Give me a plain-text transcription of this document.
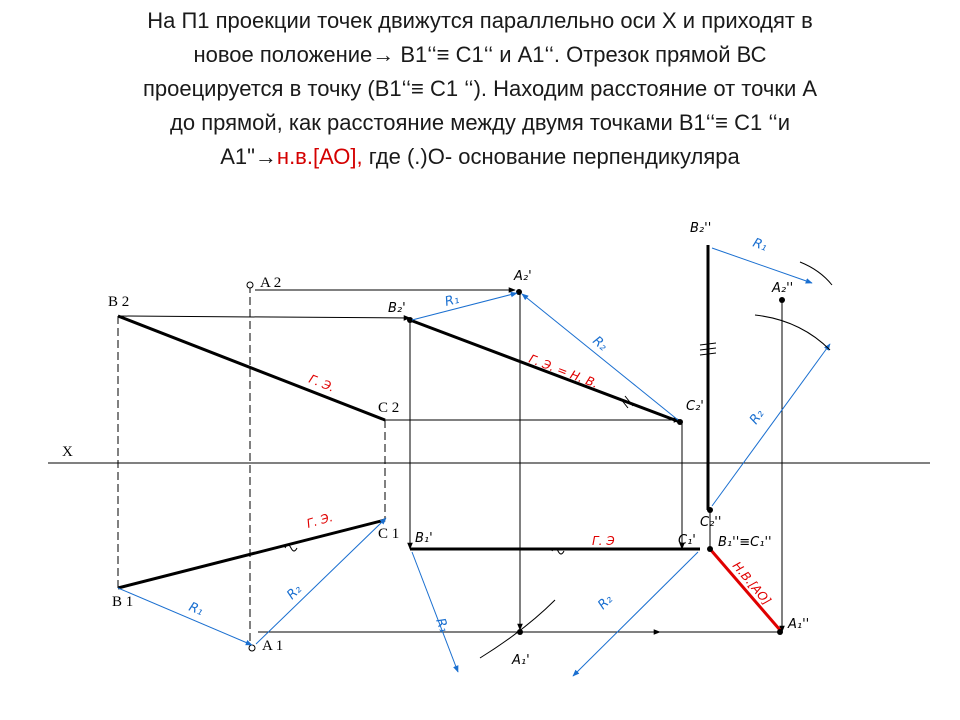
На П1 проекции точек движутся параллельно оси Х и приходят в
новое положение→ В1‘‘≡ С1‘‘ и А1‘‘. Отрезок прямой ВС
проецируется в точку (В1‘‘≡ С1 ‘‘). Находим расстояние от точки А
до прямой, как расстояние между двумя точками В1‘‘≡ С1 ‘‘и
А1"→н.в.[АО], где (.)О- основание перпендикуляра
X
A 2
B 2
C 2
B 1
C 1
A 1
A₂'
B₂'
C₂'
B₁'	C₁'
A₁'
B₂''
A₂''
C₂''
B₁''≡C₁''
A₁''
Г. Э.
Г. Э.
Г. Э
Г. Э. = Н. В.
Н.В.[АО]
R₁
R₂
R₁
R₂
R₁
R₂
R₁
R₂
